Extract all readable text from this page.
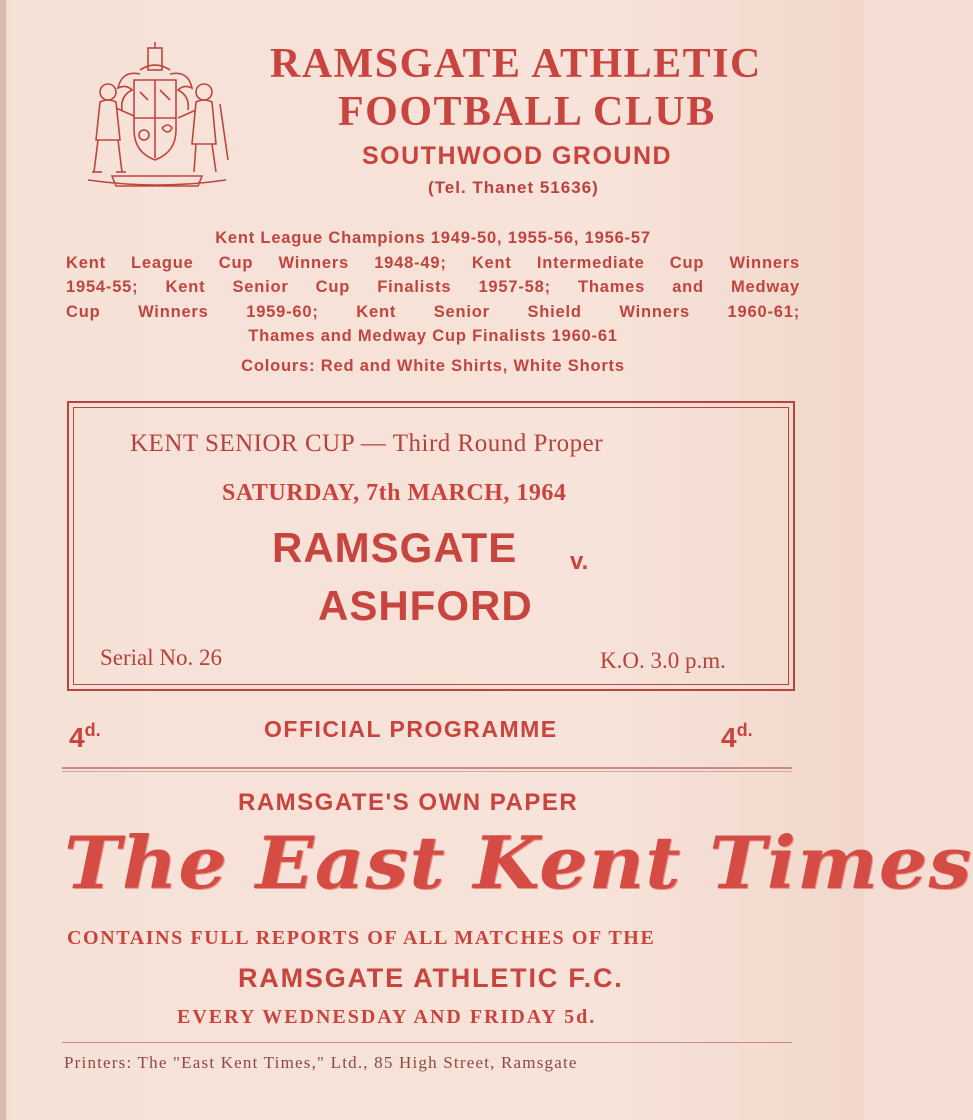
RAMSGATE ATHLETIC
FOOTBALL CLUB
SOUTHWOOD GROUND
(Tel. Thanet 51636)
Kent League Champions 1949-50, 1955-56, 1956-57
Kent League Cup Winners 1948-49; Kent Intermediate Cup Winners
1954-55; Kent Senior Cup Finalists 1957-58; Thames and Medway
Cup Winners 1959-60; Kent Senior Shield Winners 1960-61;
Thames and Medway Cup Finalists 1960-61
Colours: Red and White Shirts, White Shorts
KENT SENIOR CUP — Third Round Proper
SATURDAY, 7th MARCH, 1964
RAMSGATE v.
ASHFORD
Serial No. 26	K.O. 3.0 p.m.
$4^{d.}$	OFFICIAL PROGRAMME	$4^{d.}$
RAMSGATE'S OWN PAPER
The East Kent Times
CONTAINS FULL REPORTS OF ALL MATCHES OF THE
RAMSGATE ATHLETIC F.C.
EVERY WEDNESDAY AND FRIDAY 5d.
Printers: The "East Kent Times," Ltd., 85 High Street, Ramsgate
